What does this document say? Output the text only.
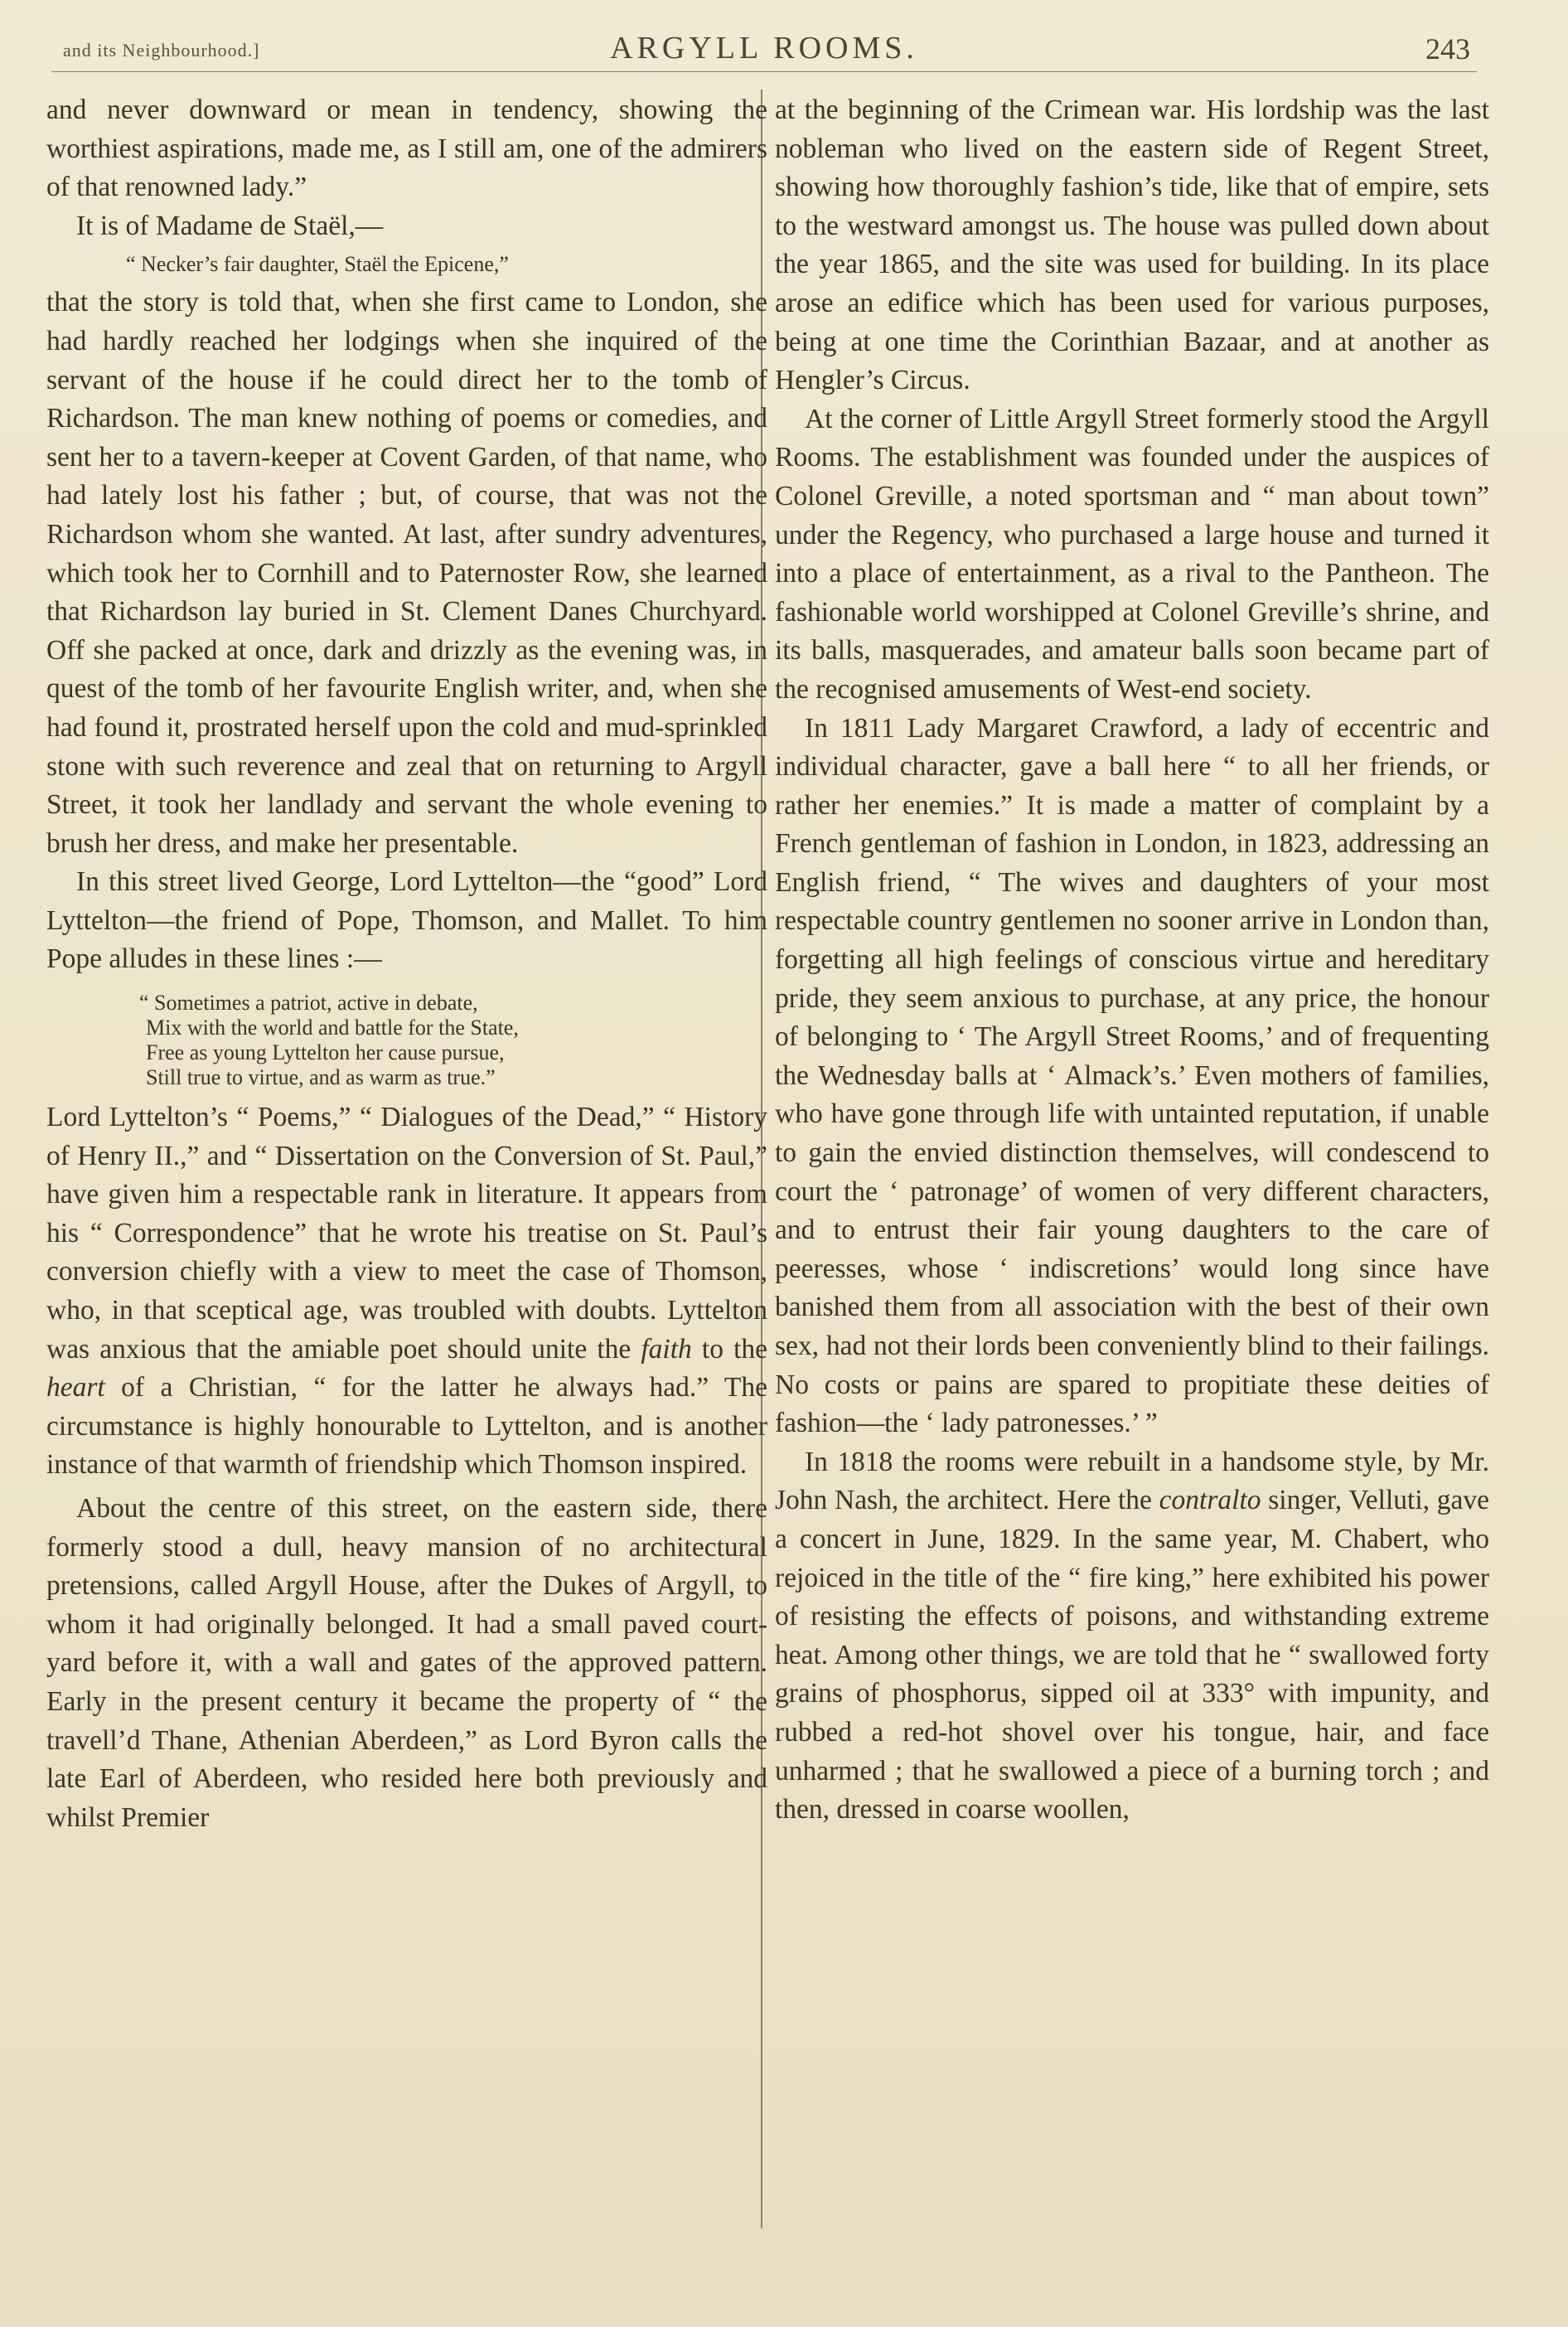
and its Neighbourhood.]	ARGYLL ROOMS.	243

and never downward or mean in tendency, showing the worthiest aspirations, made me, as I still am, one of the admirers of that renowned lady.”

It is of Madame de Staël,—

“ Necker’s fair daughter, Staël the Epicene,”

that the story is told that, when she first came to London, she had hardly reached her lodgings when she inquired of the servant of the house if he could direct her to the tomb of Richardson. The man knew nothing of poems or comedies, and sent her to a tavern-keeper at Covent Garden, of that name, who had lately lost his father ; but, of course, that was not the Richardson whom she wanted. At last, after sundry adventures, which took her to Cornhill and to Paternoster Row, she learned that Richardson lay buried in St. Clement Danes Churchyard. Off she packed at once, dark and drizzly as the evening was, in quest of the tomb of her favourite English writer, and, when she had found it, prostrated herself upon the cold and mud-sprinkled stone with such reverence and zeal that on returning to Argyll Street, it took her landlady and servant the whole evening to brush her dress, and make her presentable.

In this street lived George, Lord Lyttelton—the “good” Lord Lyttelton—the friend of Pope, Thomson, and Mallet. To him Pope alludes in these lines :—

“ Sometimes a patriot, active in debate,
Mix with the world and battle for the State,
Free as young Lyttelton her cause pursue,
Still true to virtue, and as warm as true.”

Lord Lyttelton’s “ Poems,” “ Dialogues of the Dead,” “ History of Henry II.,” and “ Dissertation on the Conversion of St. Paul,” have given him a respectable rank in literature. It appears from his “ Correspondence” that he wrote his treatise on St. Paul’s conversion chiefly with a view to meet the case of Thomson, who, in that sceptical age, was troubled with doubts. Lyttelton was anxious that the amiable poet should unite the faith to the heart of a Christian, “ for the latter he always had.” The circumstance is highly honourable to Lyttelton, and is another instance of that warmth of friendship which Thomson inspired.

About the centre of this street, on the eastern side, there formerly stood a dull, heavy mansion of no architectural pretensions, called Argyll House, after the Dukes of Argyll, to whom it had originally belonged. It had a small paved court-yard before it, with a wall and gates of the approved pattern. Early in the present century it became the property of “ the travell’d Thane, Athenian Aberdeen,” as Lord Byron calls the late Earl of Aberdeen, who resided here both previously and whilst Premier

at the beginning of the Crimean war. His lordship was the last nobleman who lived on the eastern side of Regent Street, showing how thoroughly fashion’s tide, like that of empire, sets to the westward amongst us. The house was pulled down about the year 1865, and the site was used for building. In its place arose an edifice which has been used for various purposes, being at one time the Corinthian Bazaar, and at another as Hengler’s Circus.

At the corner of Little Argyll Street formerly stood the Argyll Rooms. The establishment was founded under the auspices of Colonel Greville, a noted sportsman and “ man about town” under the Regency, who purchased a large house and turned it into a place of entertainment, as a rival to the Pantheon. The fashionable world worshipped at Colonel Greville’s shrine, and its balls, masquerades, and amateur balls soon became part of the recognised amusements of West-end society.

In 1811 Lady Margaret Crawford, a lady of eccentric and individual character, gave a ball here “ to all her friends, or rather her enemies.” It is made a matter of complaint by a French gentleman of fashion in London, in 1823, addressing an English friend, “ The wives and daughters of your most respectable country gentlemen no sooner arrive in London than, forgetting all high feelings of conscious virtue and hereditary pride, they seem anxious to purchase, at any price, the honour of belonging to ‘ The Argyll Street Rooms,’ and of frequenting the Wednesday balls at ‘ Almack’s.’ Even mothers of families, who have gone through life with untainted reputation, if unable to gain the envied distinction themselves, will condescend to court the ‘ patronage’ of women of very different characters, and to entrust their fair young daughters to the care of peeresses, whose ‘ indiscretions’ would long since have banished them from all association with the best of their own sex, had not their lords been conveniently blind to their failings. No costs or pains are spared to propitiate these deities of fashion—the ‘ lady patronesses.’ ”

In 1818 the rooms were rebuilt in a handsome style, by Mr. John Nash, the architect. Here the contralto singer, Velluti, gave a concert in June, 1829. In the same year, M. Chabert, who rejoiced in the title of the “ fire king,” here exhibited his power of resisting the effects of poisons, and withstanding extreme heat. Among other things, we are told that he “ swallowed forty grains of phosphorus, sipped oil at 333° with impunity, and rubbed a red-hot shovel over his tongue, hair, and face unharmed ; that he swallowed a piece of a burning torch ; and then, dressed in coarse woollen,
